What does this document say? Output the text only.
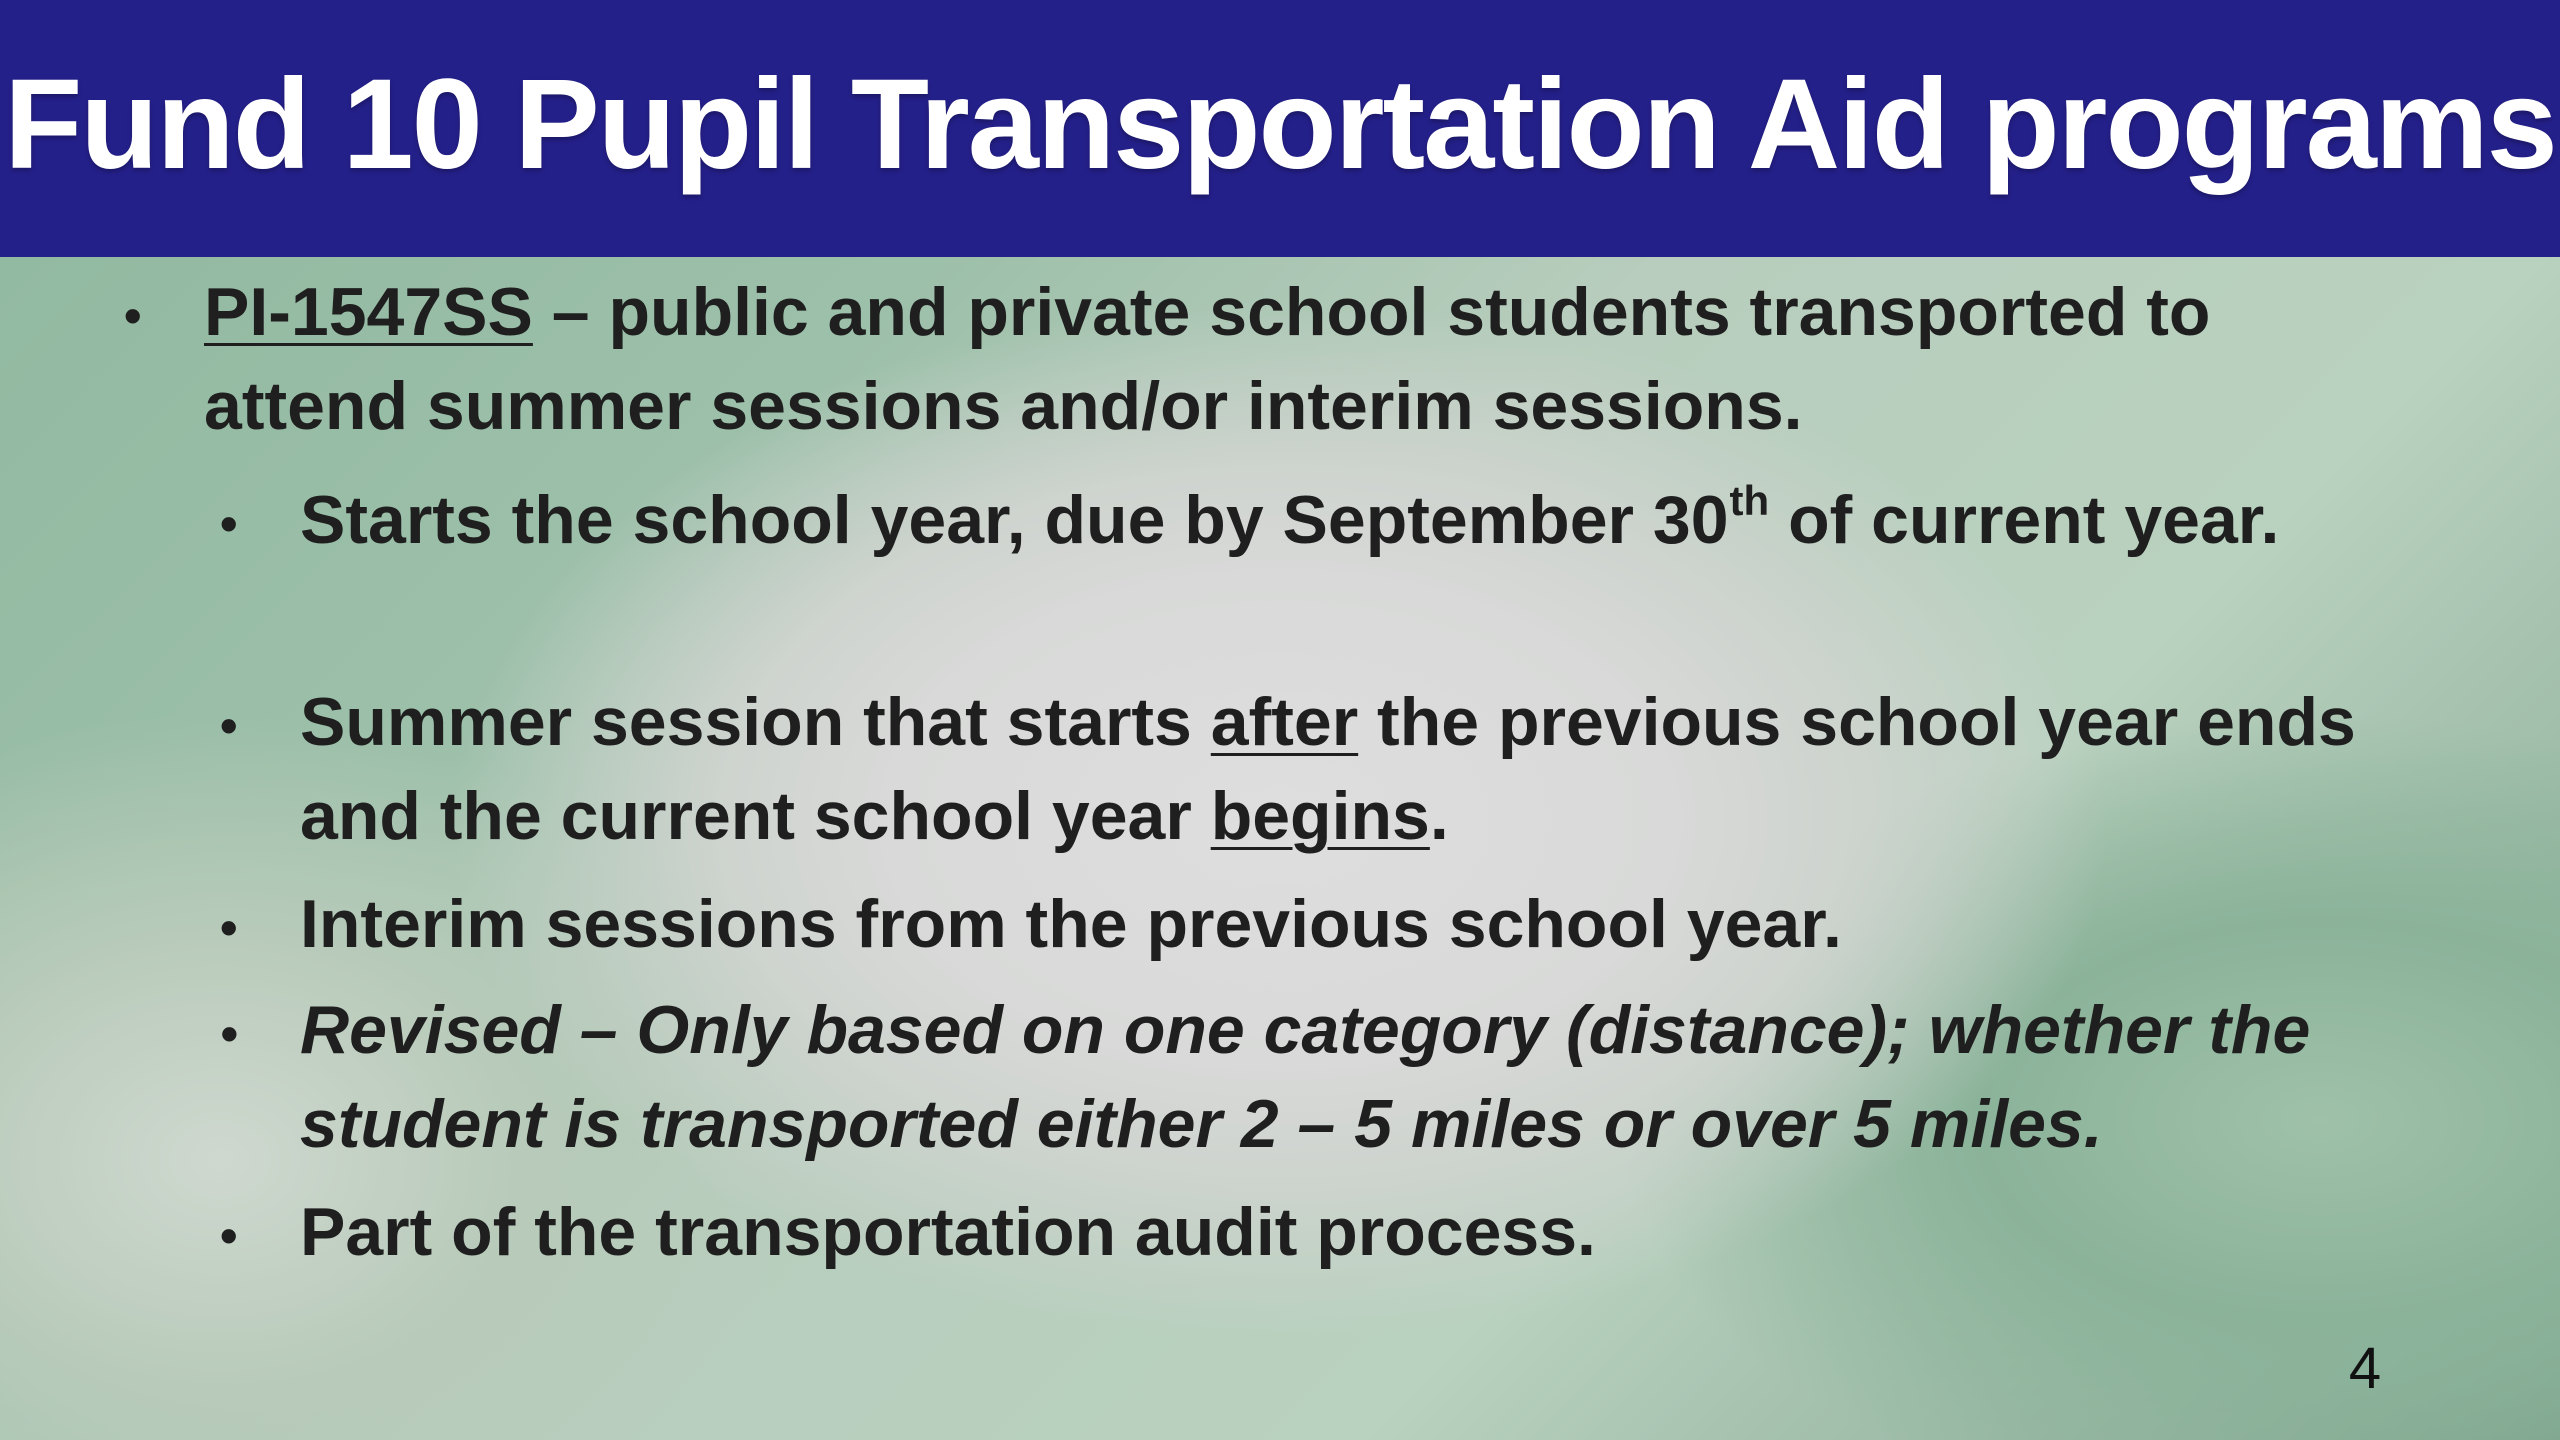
Fund 10 Pupil Transportation Aid programs
• PI-1547SS – public and private school students transported to attend summer sessions and/or interim sessions.
• Starts the school year, due by September 30th of current year.
• Summer session that starts after the previous school year ends and the current school year begins.
• Interim sessions from the previous school year.
• Revised – Only based on one category (distance); whether the student is transported either 2 – 5 miles or over 5 miles.
• Part of the transportation audit process.
4
